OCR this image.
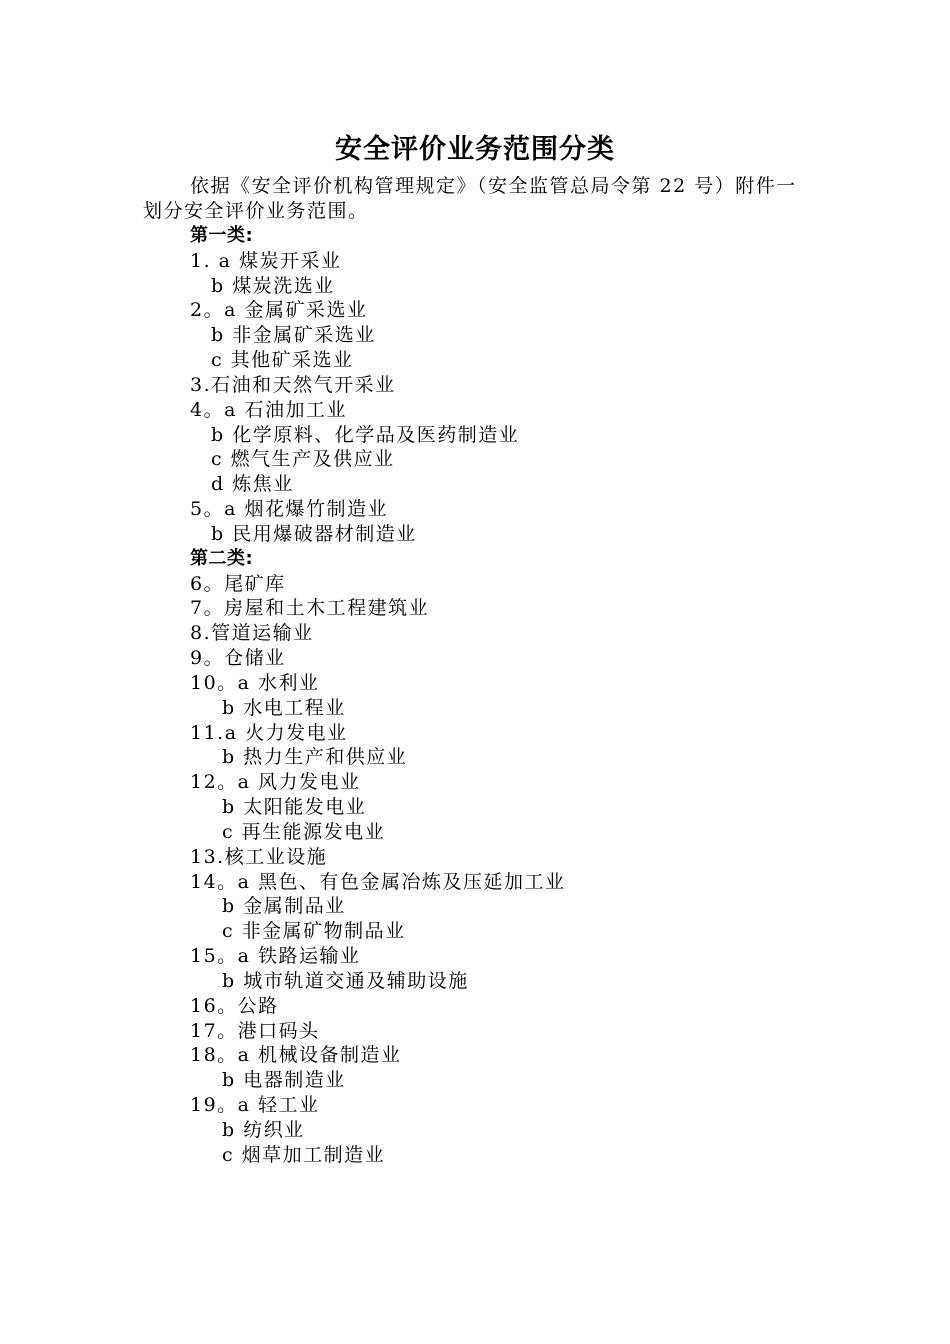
安全评价业务范围分类

依据《安全评价机构管理规定》（安全监管总局令第 22 号）附件一划分安全评价业务范围。

第一类:
1. a 煤炭开采业
b 煤炭洗选业
2。a 金属矿采选业
b 非金属矿采选业
c 其他矿采选业
3.石油和天然气开采业
4。a 石油加工业
b 化学原料、化学品及医药制造业
c 燃气生产及供应业
d 炼焦业
5。a 烟花爆竹制造业
b 民用爆破器材制造业
第二类:
6。尾矿库
7。房屋和土木工程建筑业
8.管道运输业
9。仓储业
10。a 水利业
b 水电工程业
11.a 火力发电业
b 热力生产和供应业
12。a 风力发电业
b 太阳能发电业
c 再生能源发电业
13.核工业设施
14。a 黑色、有色金属冶炼及压延加工业
b 金属制品业
c 非金属矿物制品业
15。a 铁路运输业
b 城市轨道交通及辅助设施
16。公路
17。港口码头
18。a 机械设备制造业
b 电器制造业
19。a 轻工业
b 纺织业
c 烟草加工制造业
